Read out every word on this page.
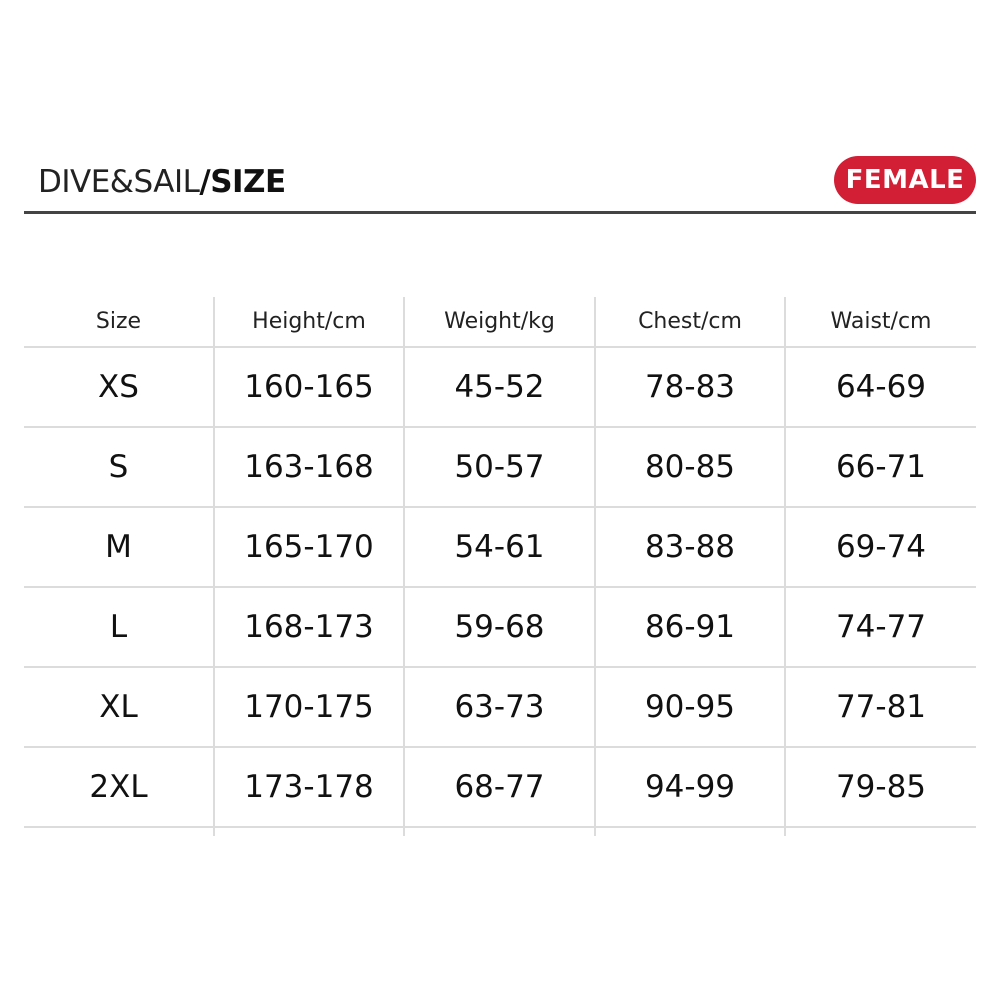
DIVE&SAIL/SIZE	FEMALE
Size	Height/cm	Weight/kg	Chest/cm	Waist/cm
XS	160-165	45-52	78-83	64-69
S	163-168	50-57	80-85	66-71
M	165-170	54-61	83-88	69-74
L	168-173	59-68	86-91	74-77
XL	170-175	63-73	90-95	77-81
2XL	173-178	68-77	94-99	79-85
